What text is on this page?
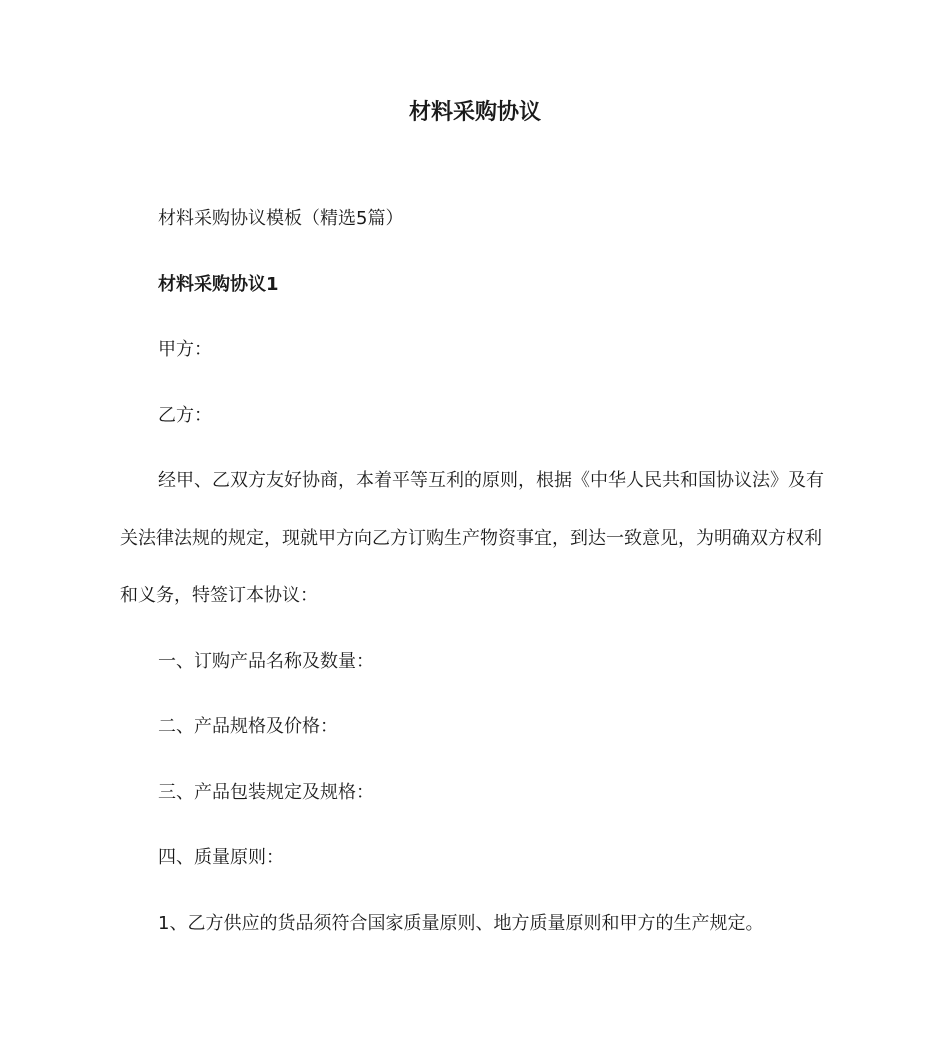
材料采购协议

材料采购协议模板（精选5篇）

材料采购协议1

甲方：

乙方：

经甲、乙双方友好协商，本着平等互利的原则，根据《中华人民共和国协议法》及有

关法律法规的规定，现就甲方向乙方订购生产物资事宜，到达一致意见，为明确双方权利

和义务，特签订本协议：

一、订购产品名称及数量：

二、产品规格及价格：

三、产品包装规定及规格：

四、质量原则：

1、乙方供应的货品须符合国家质量原则、地方质量原则和甲方的生产规定。
